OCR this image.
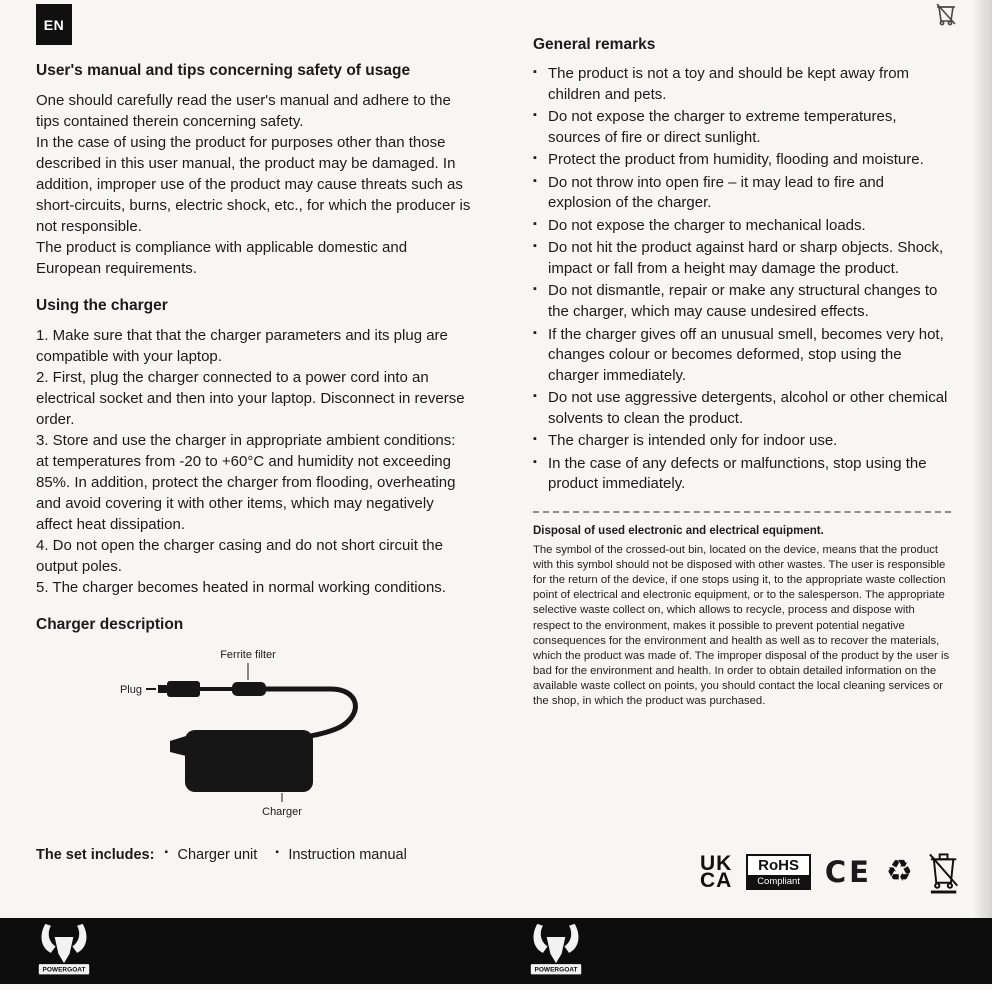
EN
User's manual and tips concerning safety of usage

One should carefully read the user's manual and adhere to the tips contained therein concerning safety.

In the case of using the product for purposes other than those described in this user manual, the product may be damaged. In addition, improper use of the product may cause threats such as short-circuits, burns, electric shock, etc., for which the producer is not responsible.

The product is compliance with applicable domestic and European requirements.

Using the charger

1. Make sure that that the charger parameters and its plug are compatible with your laptop.

2. First, plug the charger connected to a power cord into an electrical socket and then into your laptop. Disconnect in reverse order.

3. Store and use the charger in appropriate ambient conditions: at temperatures from -20 to +60°C and humidity not exceeding 85%. In addition, protect the charger from flooding, overheating and avoid covering it with other items, which may negatively affect heat dissipation.

4. Do not open the charger casing and do not short circuit the output poles.

5. The charger becomes heated in normal working conditions.

Charger description
Ferrite filter
Plug
Charger
The set includes: ▪ Charger unit ▪ Instruction manual
General remarks
▪ The product is not a toy and should be kept away from children and pets.
▪ Do not expose the charger to extreme temperatures, sources of fire or direct sunlight.
▪ Protect the product from humidity, flooding and moisture.
▪ Do not throw into open fire – it may lead to fire and explosion of the charger.
▪ Do not expose the charger to mechanical loads.
▪ Do not hit the product against hard or sharp objects. Shock, impact or fall from a height may damage the product.
▪ Do not dismantle, repair or make any structural changes to the charger, which may cause undesired effects.
▪ If the charger gives off an unusual smell, becomes very hot, changes colour or becomes deformed, stop using the charger immediately.
▪ Do not use aggressive detergents, alcohol or other chemical solvents to clean the product.
▪ The charger is intended only for indoor use.
▪ In the case of any defects or malfunctions, stop using the product immediately.

Disposal of used electronic and electrical equipment.

The symbol of the crossed-out bin, located on the device, means that the product with this symbol should not be disposed with other wastes. The user is responsible for the return of the device, if one stops using it, to the appropriate waste collection point of electrical and electronic equipment, or to the salesperson. The appropriate selective waste collect on, which allows to recycle, process and dispose with respect to the environment, makes it possible to prevent potential negative consequences for the environment and health as well as to recover the materials, which the product was made of. The improper disposal of the product by the user is bad for the environment and health. In order to obtain detailed information on the available waste collect on points, you should contact the local cleaning services or the shop, in which the product was purchased.

UK
CA
RoHS
Compliant CE ♻
POWERGOAT	POWERGOAT
